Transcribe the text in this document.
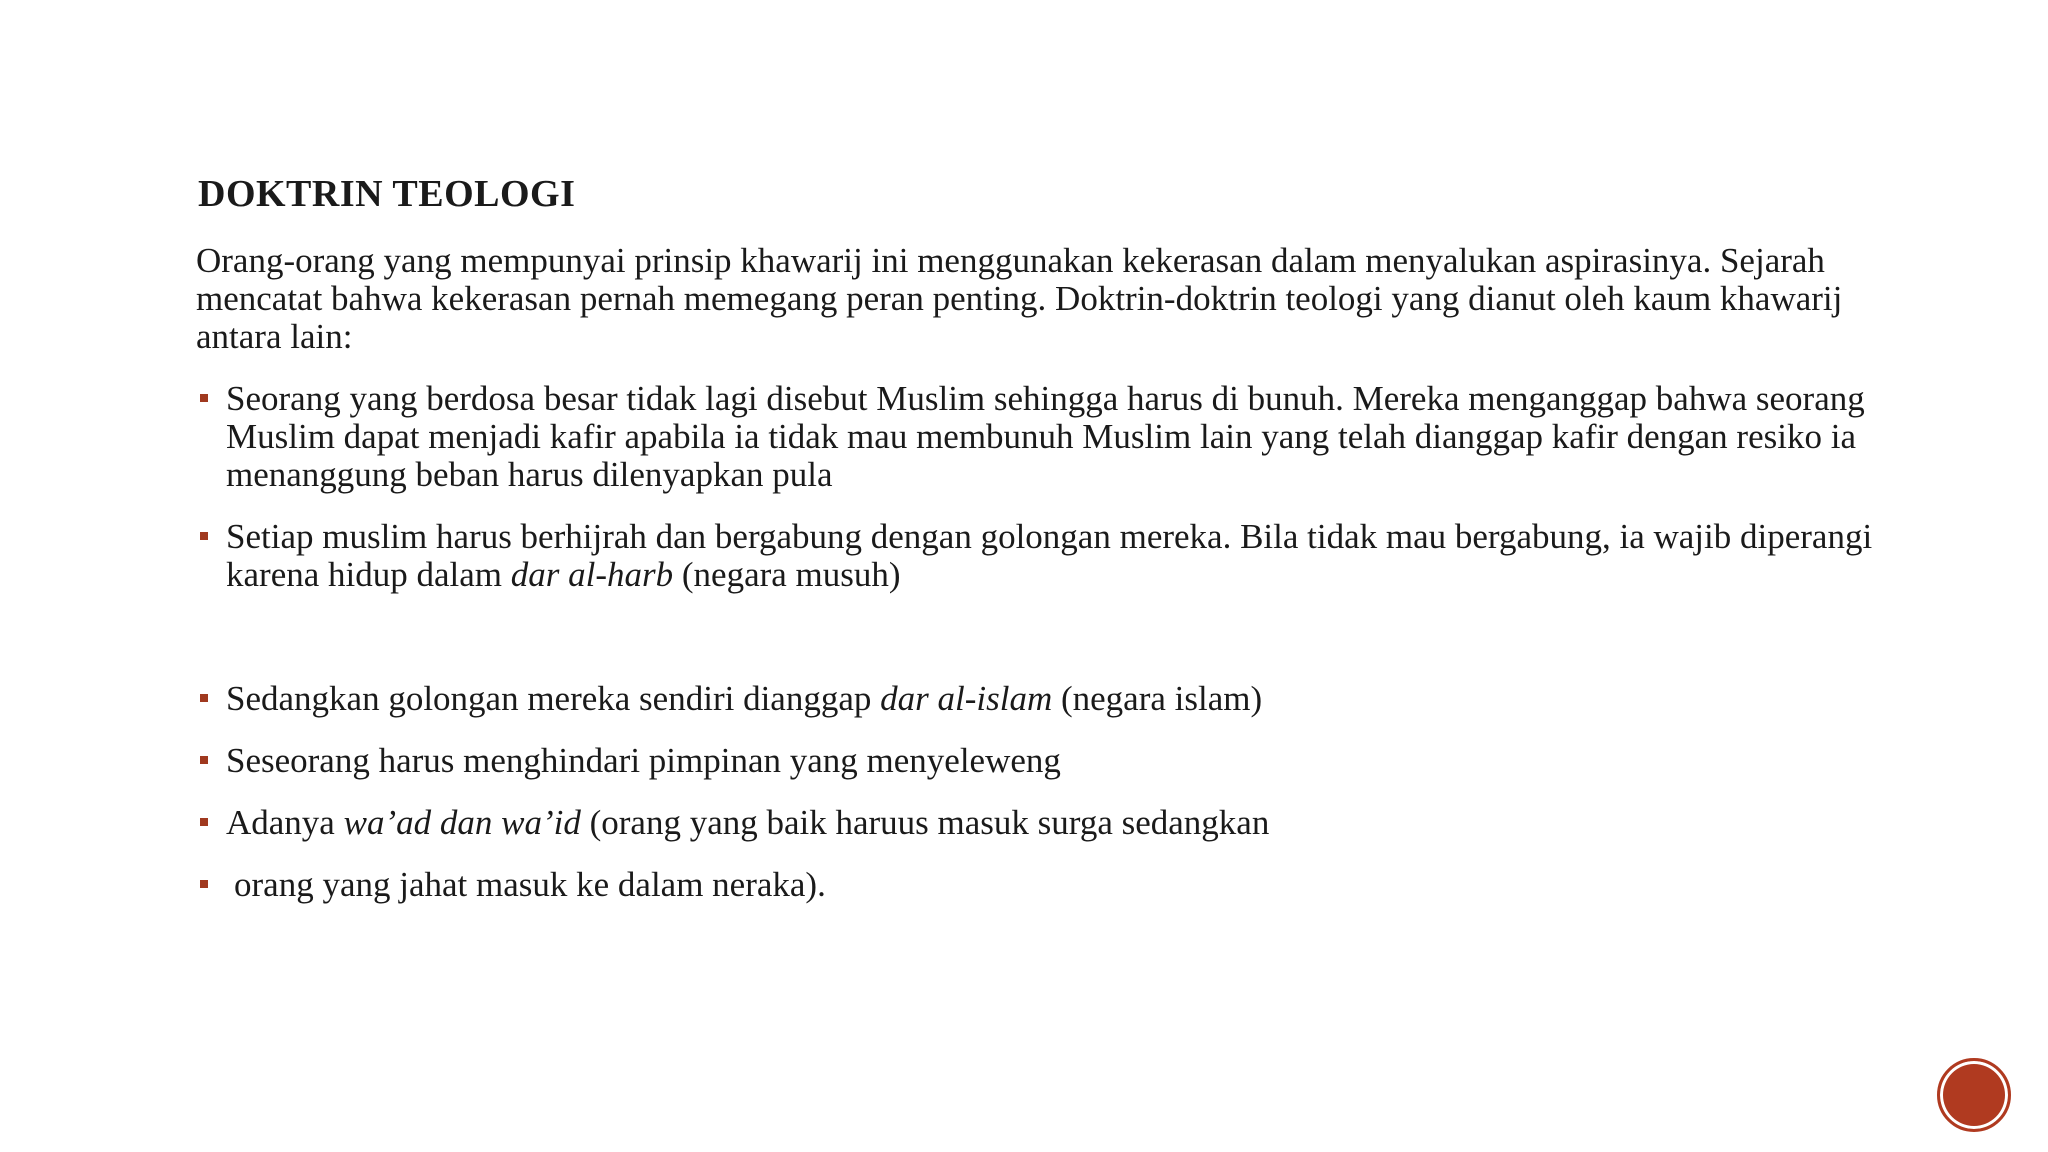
DOKTRIN TEOLOGI

Orang-orang yang mempunyai prinsip khawarij ini menggunakan kekerasan dalam menyalukan aspirasinya. Sejarah mencatat bahwa kekerasan pernah memegang peran penting. Doktrin-doktrin teologi yang dianut oleh kaum khawarij antara lain:

Seorang yang berdosa besar tidak lagi disebut Muslim sehingga harus di bunuh. Mereka menganggap bahwa seorang Muslim dapat menjadi kafir apabila ia tidak mau membunuh Muslim lain yang telah dianggap kafir dengan resiko ia menanggung beban harus dilenyapkan pula
Setiap muslim harus berhijrah dan bergabung dengan golongan mereka. Bila tidak mau bergabung, ia wajib diperangi karena hidup dalam dar al-harb (negara musuh)
Sedangkan golongan mereka sendiri dianggap dar al-islam (negara islam)
Seseorang harus menghindari pimpinan yang menyeleweng
Adanya wa’ad dan wa’id (orang yang baik haruus masuk surga sedangkan
orang yang jahat masuk ke dalam neraka).
